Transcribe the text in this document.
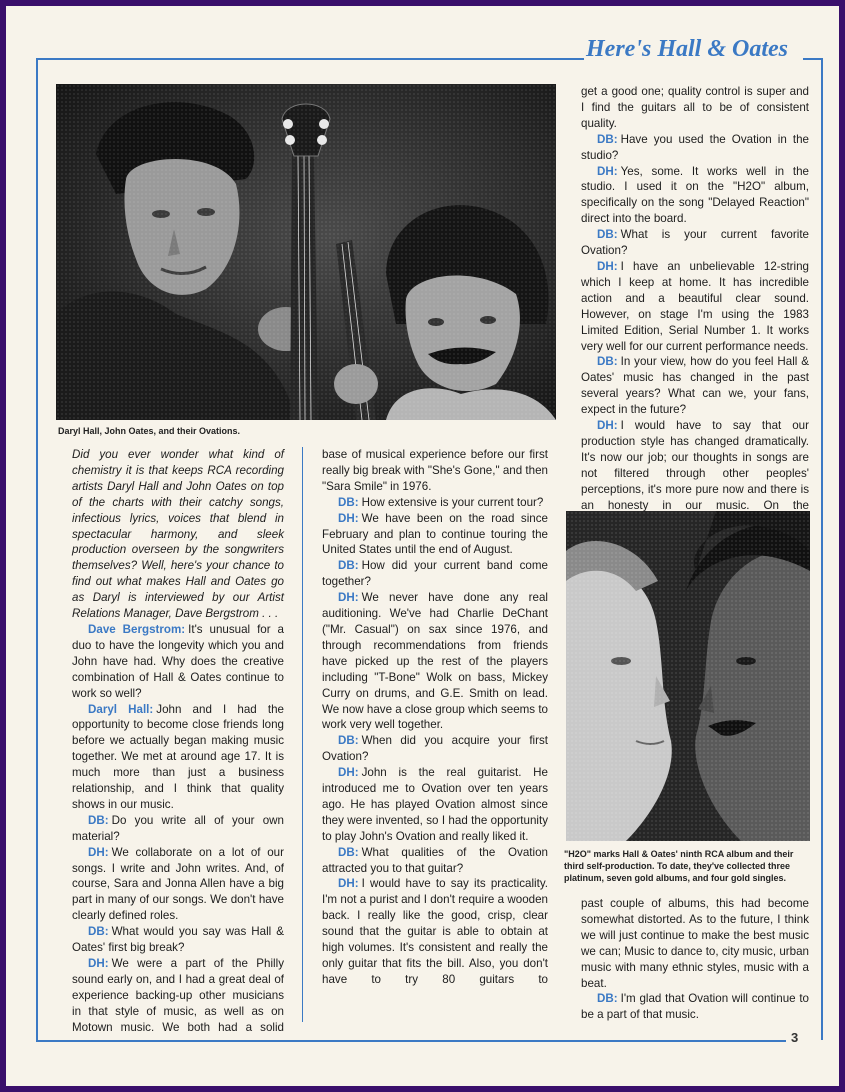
Here's Hall & Oates
Daryl Hall, John Oates, and their Ovations.
"H2O" marks Hall & Oates' ninth RCA album and their third self-production. To date, they've collected three platinum, seven gold albums, and four gold singles.

Did you ever wonder what kind of chemistry it is that keeps RCA recording artists Daryl Hall and John Oates on top of the charts with their catchy songs, infectious lyrics, voices that blend in spectacular harmony, and sleek production overseen by the songwriters themselves? Well, here's your chance to find out what makes Hall and Oates go as Daryl is interviewed by our Artist Relations Manager, Dave Bergstrom . . .

Dave Bergstrom: It's unusual for a duo to have the longevity which you and John have had. Why does the creative combination of Hall & Oates continue to work so well?

Daryl Hall: John and I had the opportunity to become close friends long before we actually began making music together. We met at around age 17. It is much more than just a business relationship, and I think that quality shows in our music.

DB: Do you write all of your own material?

DH: We collaborate on a lot of our songs. I write and John writes. And, of course, Sara and Jonna Allen have a big part in many of our songs. We don't have clearly defined roles.

DB: What would you say was Hall & Oates' first big break?

DH: We were a part of the Philly sound early on, and I had a great deal of experience backing-up other musicians in that style of music, as well as on Motown music. We both had a solid

base of musical experience before our first really big break with "She's Gone," and then "Sara Smile" in 1976.

DB: How extensive is your current tour?

DH: We have been on the road since February and plan to continue touring the United States until the end of August.

DB: How did your current band come together?

DH: We never have done any real auditioning. We've had Charlie DeChant ("Mr. Casual") on sax since 1976, and through recommendations from friends have picked up the rest of the players including "T-Bone" Wolk on bass, Mickey Curry on drums, and G.E. Smith on lead. We now have a close group which seems to work very well together.

DB: When did you acquire your first Ovation?

DH: John is the real guitarist. He introduced me to Ovation over ten years ago. He has played Ovation almost since they were invented, so I had the opportunity to play John's Ovation and really liked it.

DB: What qualities of the Ovation attracted you to that guitar?

DH: I would have to say its practicality. I'm not a purist and I don't require a wooden back. I really like the good, crisp, clear sound that the guitar is able to obtain at high volumes. It's consistent and really the only guitar that fits the bill. Also, you don't have to try 80 guitars to

get a good one; quality control is super and I find the guitars all to be of consistent quality.

DB: Have you used the Ovation in the studio?

DH: Yes, some. It works well in the studio. I used it on the "H2O" album, specifically on the song "Delayed Reaction" direct into the board.

DB: What is your current favorite Ovation?

DH: I have an unbelievable 12-string which I keep at home. It has incredible action and a beautiful clear sound. However, on stage I'm using the 1983 Limited Edition, Serial Number 1. It works very well for our current performance needs.

DB: In your view, how do you feel Hall & Oates' music has changed in the past several years? What can we, your fans, expect in the future?

DH: I would have to say that our production style has changed dramatically. It's now our job; our thoughts in songs are not filtered through other peoples' perceptions, it's more pure now and there is an honesty in our music. On the

past couple of albums, this had become somewhat distorted. As to the future, I think we will just continue to make the best music we can; Music to dance to, city music, urban music with many ethnic styles, music with a beat.

DB: I'm glad that Ovation will continue to be a part of that music.

3
